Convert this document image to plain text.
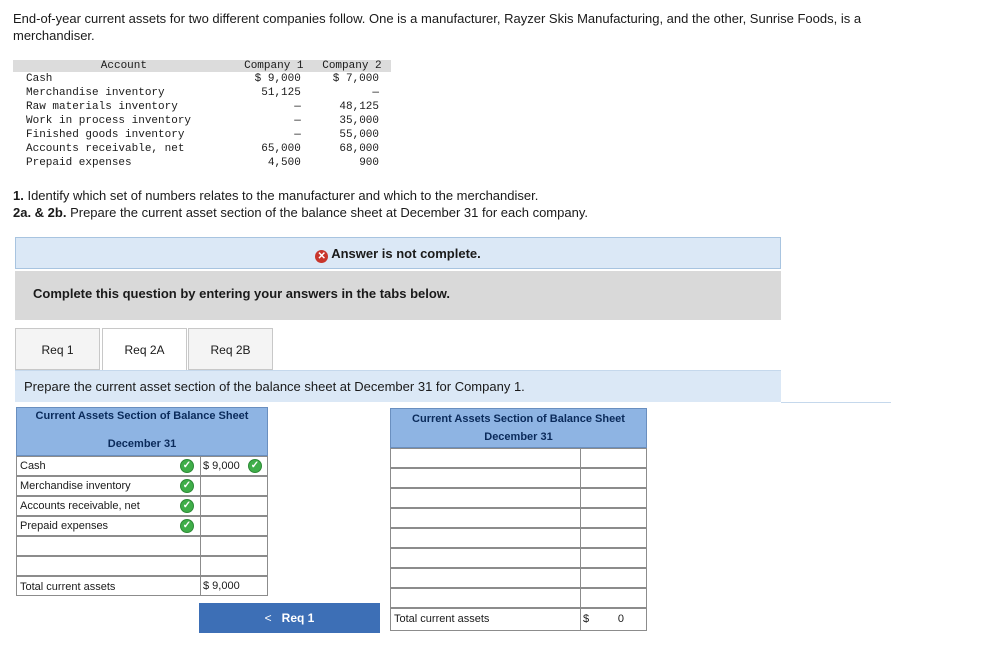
End-of-year current assets for two different companies follow. One is a manufacturer, Rayzer Skis Manufacturing, and the other, Sunrise Foods, is a merchandiser.
Account	Company 1	Company 2
Cash	$ 9,000	$ 7,000
Merchandise inventory	51,125	—
Raw materials inventory	—	48,125
Work in process inventory	—	35,000
Finished goods inventory	—	55,000
Accounts receivable, net	65,000	68,000
Prepaid expenses	4,500	900
1. Identify which set of numbers relates to the manufacturer and which to the merchandiser.
2a. & 2b. Prepare the current asset section of the balance sheet at December 31 for each company.
✕ Answer is not complete.
Complete this question by entering your answers in the tabs below.
Req 1	Req 2A	Req 2B
Prepare the current asset section of the balance sheet at December 31 for Company 1.
Current Assets Section of Balance Sheet
December 31
Cash	$ 9,000
Merchandise inventory
Accounts receivable, net
Prepaid expenses
Total current assets	$ 9,000
✓	✓
✓
✓
✓
< Req 1
Current Assets Section of Balance Sheet
December 31
Total current assets	$	0
